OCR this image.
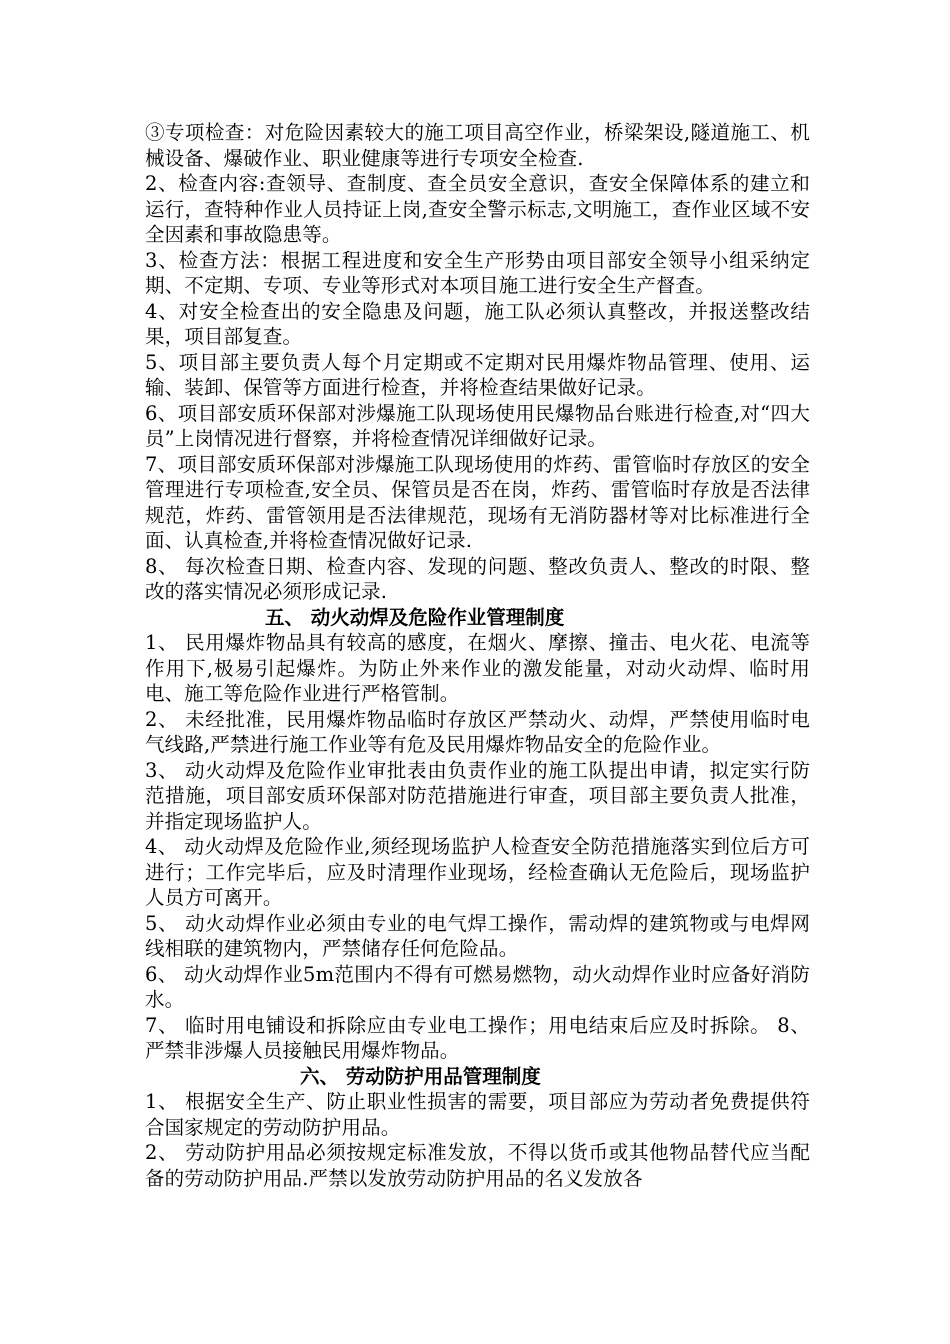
③专项检查：对危险因素较大的施工项目高空作业，桥梁架设,隧道施工、机械设备、爆破作业、职业健康等进行专项安全检查.

2、检查内容:查领导、查制度、查全员安全意识，查安全保障体系的建立和运行，查特种作业人员持证上岗,查安全警示标志,文明施工，查作业区域不安全因素和事故隐患等。

3、检查方法：根据工程进度和安全生产形势由项目部安全领导小组采纳定期、不定期、专项、专业等形式对本项目施工进行安全生产督查。

4、对安全检查出的安全隐患及问题，施工队必须认真整改，并报送整改结果，项目部复查。

5、项目部主要负责人每个月定期或不定期对民用爆炸物品管理、使用、运输、装卸、保管等方面进行检查，并将检查结果做好记录。

6、项目部安质环保部对涉爆施工队现场使用民爆物品台账进行检查,对“四大员”上岗情况进行督察，并将检查情况详细做好记录。

7、项目部安质环保部对涉爆施工队现场使用的炸药、雷管临时存放区的安全管理进行专项检查,安全员、保管员是否在岗，炸药、雷管临时存放是否法律规范，炸药、雷管领用是否法律规范，现场有无消防器材等对比标准进行全面、认真检查,并将检查情况做好记录.

8、 每次检查日期、检查内容、发现的问题、整改负责人、整改的时限、整改的落实情况必须形成记录.

五、 动火动焊及危险作业管理制度

1、 民用爆炸物品具有较高的感度，在烟火、摩擦、撞击、电火花、电流等作用下,极易引起爆炸。为防止外来作业的激发能量，对动火动焊、临时用电、施工等危险作业进行严格管制。

2、 未经批准，民用爆炸物品临时存放区严禁动火、动焊，严禁使用临时电气线路,严禁进行施工作业等有危及民用爆炸物品安全的危险作业。

3、 动火动焊及危险作业审批表由负责作业的施工队提出申请，拟定实行防范措施，项目部安质环保部对防范措施进行审查，项目部主要负责人批准，并指定现场监护人。

4、 动火动焊及危险作业,须经现场监护人检查安全防范措施落实到位后方可进行；工作完毕后，应及时清理作业现场，经检查确认无危险后，现场监护人员方可离开。

5、 动火动焊作业必须由专业的电气焊工操作，需动焊的建筑物或与电焊网线相联的建筑物内，严禁储存任何危险品。

6、 动火动焊作业5m范围内不得有可燃易燃物，动火动焊作业时应备好消防水。

7、 临时用电铺设和拆除应由专业电工操作；用电结束后应及时拆除。 8、严禁非涉爆人员接触民用爆炸物品。

六、 劳动防护用品管理制度

1、 根据安全生产、防止职业性损害的需要，项目部应为劳动者免费提供符合国家规定的劳动防护用品。

2、 劳动防护用品必须按规定标准发放，不得以货币或其他物品替代应当配备的劳动防护用品.严禁以发放劳动防护用品的名义发放各
